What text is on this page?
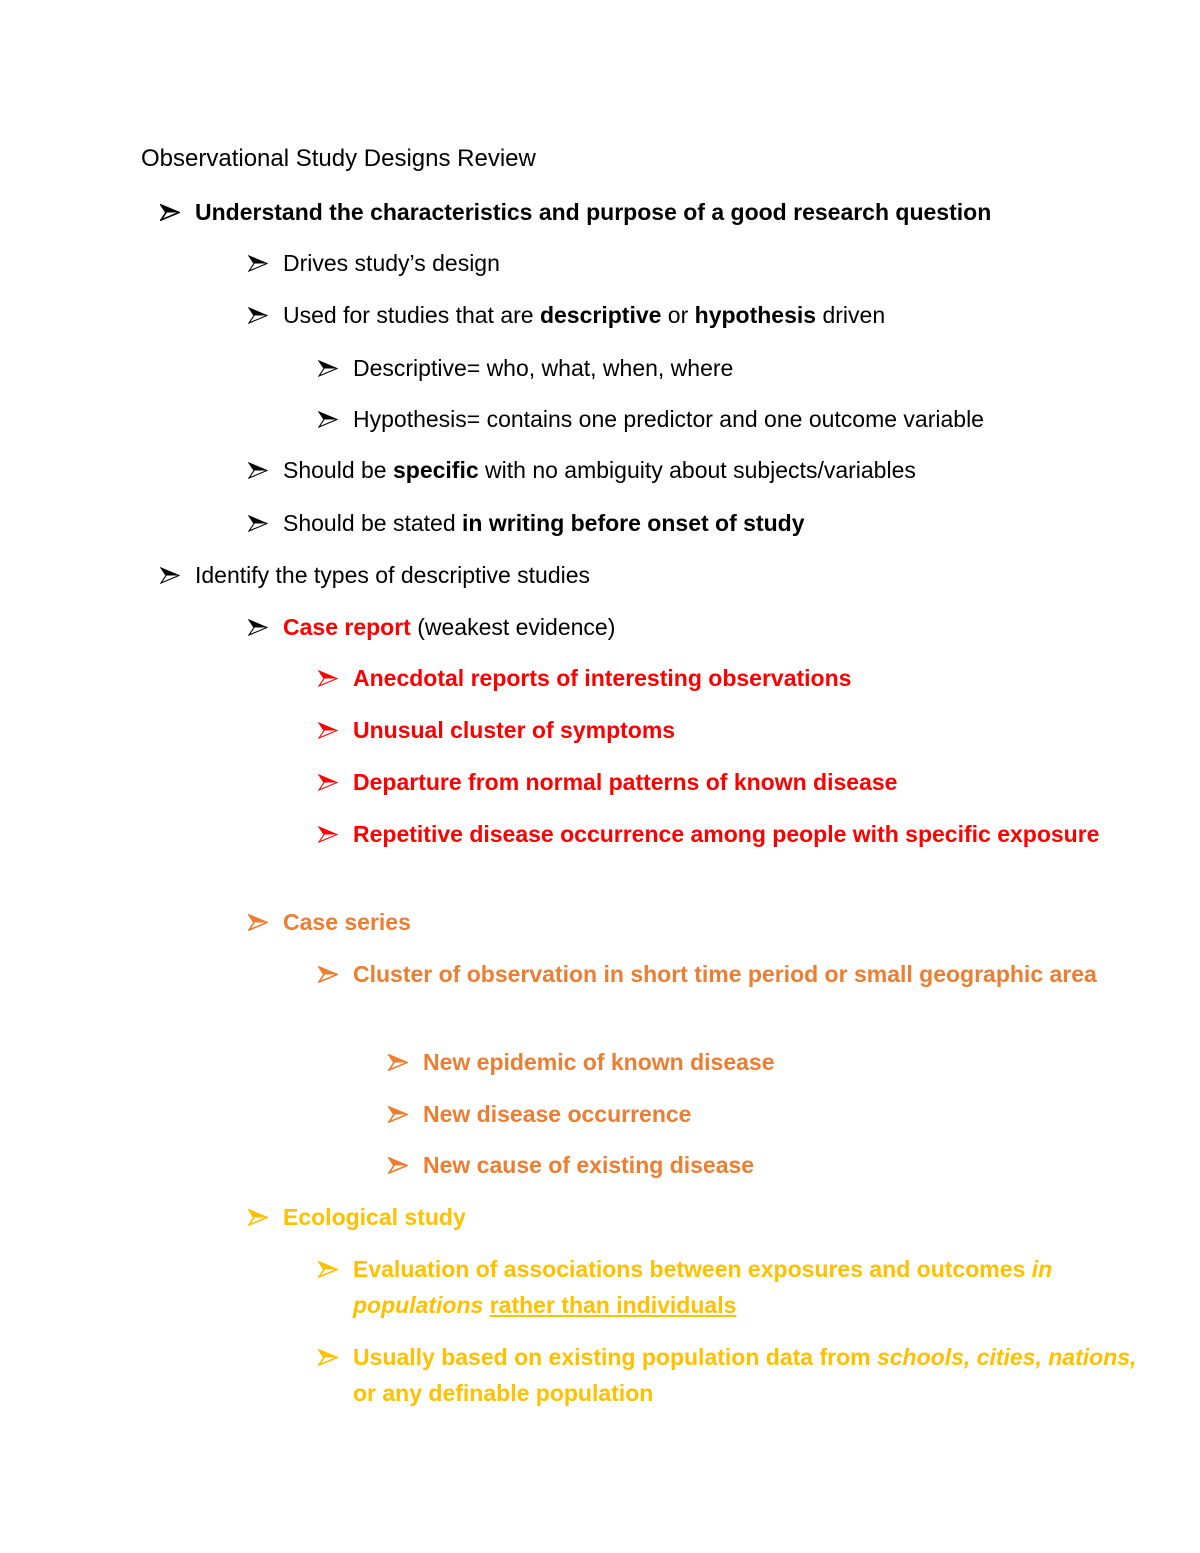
Observational Study Designs Review
Understand the characteristics and purpose of a good research question
Drives study’s design
Used for studies that are descriptive or hypothesis driven
Descriptive= who, what, when, where
Hypothesis= contains one predictor and one outcome variable
Should be specific with no ambiguity about subjects/variables
Should be stated in writing before onset of study
Identify the types of descriptive studies
Case report (weakest evidence)
Anecdotal reports of interesting observations
Unusual cluster of symptoms
Departure from normal patterns of known disease
Repetitive disease occurrence among people with specific exposure
Case series
Cluster of observation in short time period or small geographic area
New epidemic of known disease
New disease occurrence
New cause of existing disease
Ecological study
Evaluation of associations between exposures and outcomes in populations rather than individuals
Usually based on existing population data from schools, cities, nations, or any definable population
